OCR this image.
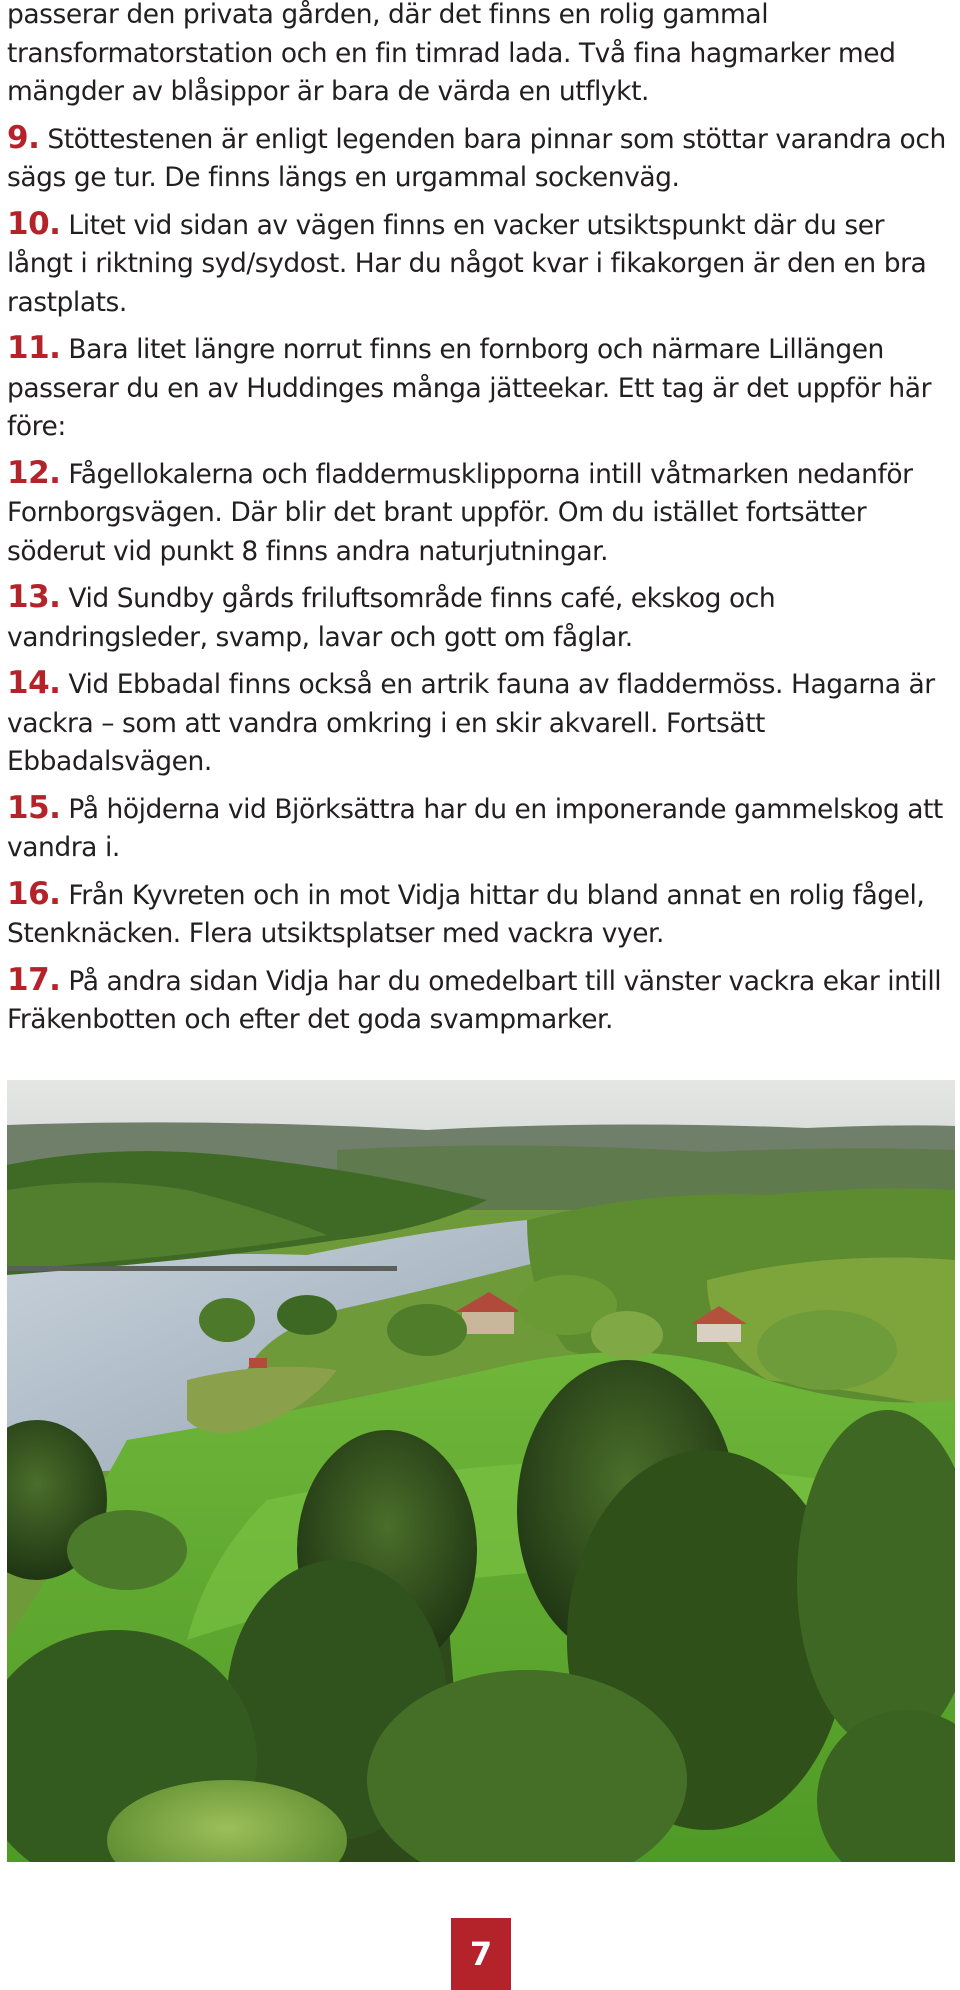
passerar den privata gården, där det finns en rolig gammal transformatorstation och en fin timrad lada. Två fina hagmarker med mängder av blåsippor är bara de värda en utflykt.

9. Stöttestenen är enligt legenden bara pinnar som stöttar varandra och sägs ge tur. De finns längs en urgammal sockenväg.

10. Litet vid sidan av vägen finns en vacker utsiktspunkt där du ser långt i riktning syd/sydost. Har du något kvar i fikakorgen är den en bra rastplats.

11. Bara litet längre norrut finns en fornborg och närmare Lillängen passerar du en av Huddinges många jätteekar. Ett tag är det uppför här före:

12. Fågellokalerna och fladdermusklipporna intill våtmarken nedanför Fornborgsvägen. Där blir det brant uppför. Om du istället fortsätter söderut vid punkt 8 finns andra naturjutningar.

13. Vid Sundby gårds friluftsområde finns café, ekskog och vandringsleder, svamp, lavar och gott om fåglar.

14. Vid Ebbadal finns också en artrik fauna av fladdermöss. Hagarna är vackra – som att vandra omkring i en skir akvarell. Fortsätt Ebbadalsvägen.

15. På höjderna vid Björksättra har du en imponerande gammelskog att vandra i.

16. Från Kyvreten och in mot Vidja hittar du bland annat en rolig fågel, Stenknäcken. Flera utsiktsplatser med vackra vyer.

17. På andra sidan Vidja har du omedelbart till vänster vackra ekar intill Fräkenbotten och efter det goda svampmarker.

7
